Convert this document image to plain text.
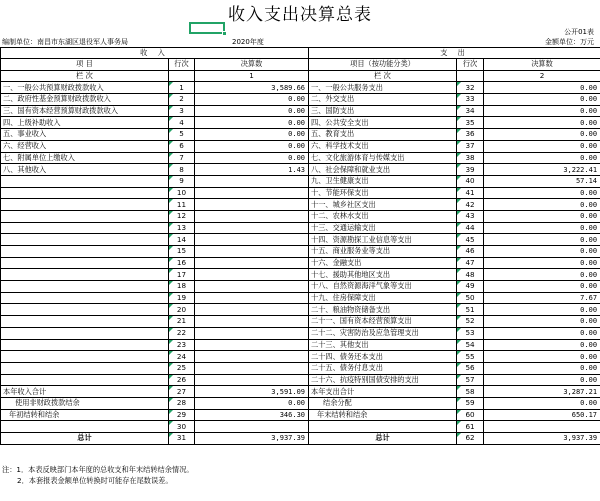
收入支出决算总表
公开01表
编制单位：南昌市东湖区退役军人事务局	2020年度	金额单位：万元
收 入			支 出		
项 目	行次	决算数	项目（按功能分类）	行次	决算数
栏 次		1	栏 次		2
一、一般公共预算财政拨款收入	1	3,589.66	一、一般公共服务支出	32	0.00
二、政府性基金预算财政拨款收入	2	0.00	二、外交支出	33	0.00
三、国有资本经营预算财政拨款收入	3	0.00	三、国防支出	34	0.00
四、上级补助收入	4	0.00	四、公共安全支出	35	0.00
五、事业收入	5	0.00	五、教育支出	36	0.00
六、经营收入	6	0.00	六、科学技术支出	37	0.00
七、附属单位上缴收入	7	0.00	七、文化旅游体育与传媒支出	38	0.00
八、其他收入	8	1.43	八、社会保障和就业支出	39	3,222.41
	9		九、卫生健康支出	40	57.14
	10		十、节能环保支出	41	0.00
	11		十一、城乡社区支出	42	0.00
	12		十二、农林水支出	43	0.00
	13		十三、交通运输支出	44	0.00
	14		十四、资源勘探工业信息等支出	45	0.00
	15		十五、商业服务业等支出	46	0.00
	16		十六、金融支出	47	0.00
	17		十七、援助其他地区支出	48	0.00
	18		十八、自然资源海洋气象等支出	49	0.00
	19		十九、住房保障支出	50	7.67
	20		二十、粮油物资储备支出	51	0.00
	21		二十一、国有资本经营预算支出	52	0.00
	22		二十二、灾害防治及应急管理支出	53	0.00
	23		二十三、其他支出	54	0.00
	24		二十四、债务还本支出	55	0.00
	25		二十五、债务付息支出	56	0.00
	26		二十六、抗疫特别国债安排的支出	57	0.00
本年收入合计	27	3,591.09	本年支出合计	58	3,287.21
使用非财政拨款结余	28	0.00	结余分配	59	0.00
年初结转和结余	29	346.30	年末结转和结余	60	650.17
	30			61	
总计	31	3,937.39	总计	62	3,937.39
注：1．本表反映部门本年度的总收支和年末结转结余情况。
2．本套报表金额单位转换时可能存在尾数误差。
